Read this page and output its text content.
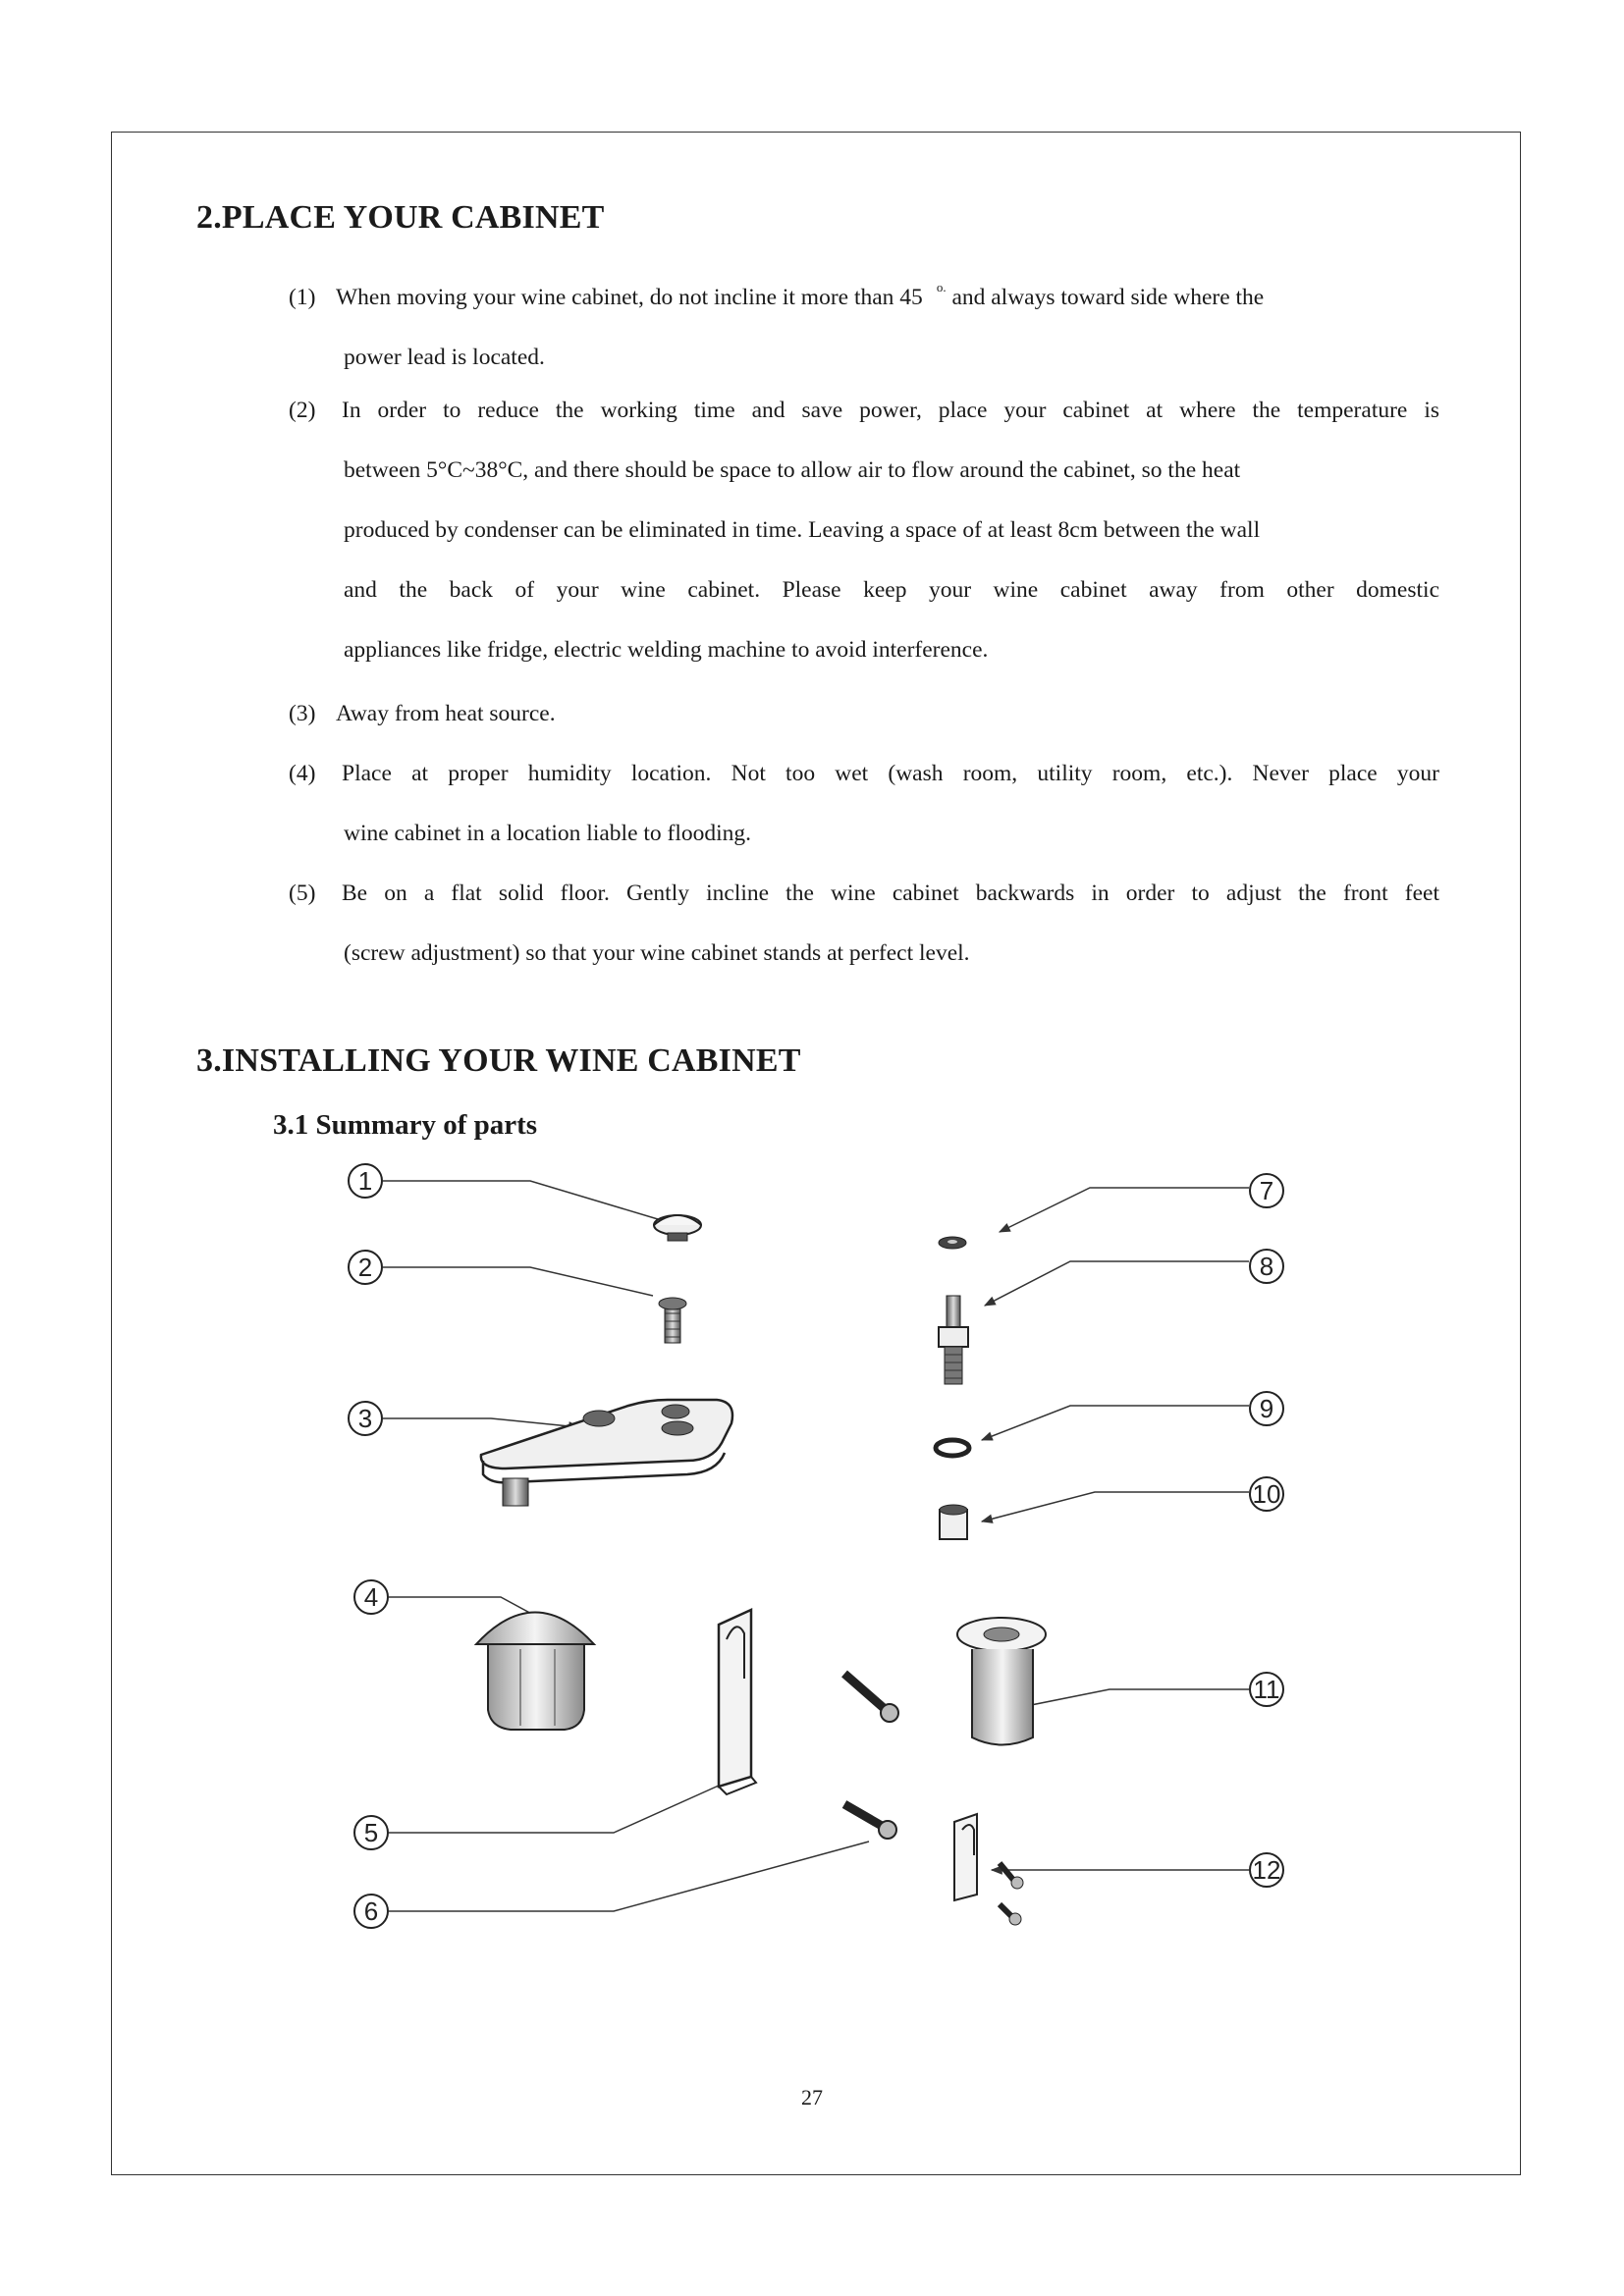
2.PLACE YOUR CABINET
(1) When moving your wine cabinet, do not incline it more than 45 $^{o.}$ and always toward side where the
power lead is located.
(2) In order to reduce the working time and save power, place your cabinet at where the temperature is
between 5°C~38°C, and there should be space to allow air to flow around the cabinet, so the heat
produced by condenser can be eliminated in time. Leaving a space of at least 8cm between the wall
and the back of your wine cabinet. Please keep your wine cabinet away from other domestic
appliances like fridge, electric welding machine to avoid interference.
(3) Away from heat source.
(4) Place at proper humidity location. Not too wet (wash room, utility room, etc.). Never place your
wine cabinet in a location liable to flooding.
(5) Be on a flat solid floor. Gently incline the wine cabinet backwards in order to adjust the front feet
(screw adjustment) so that your wine cabinet stands at perfect level.
3.INSTALLING YOUR WINE CABINET
3.1 Summary of parts
1
2
3
4
5
6
7
8
9
10
11
12
27
